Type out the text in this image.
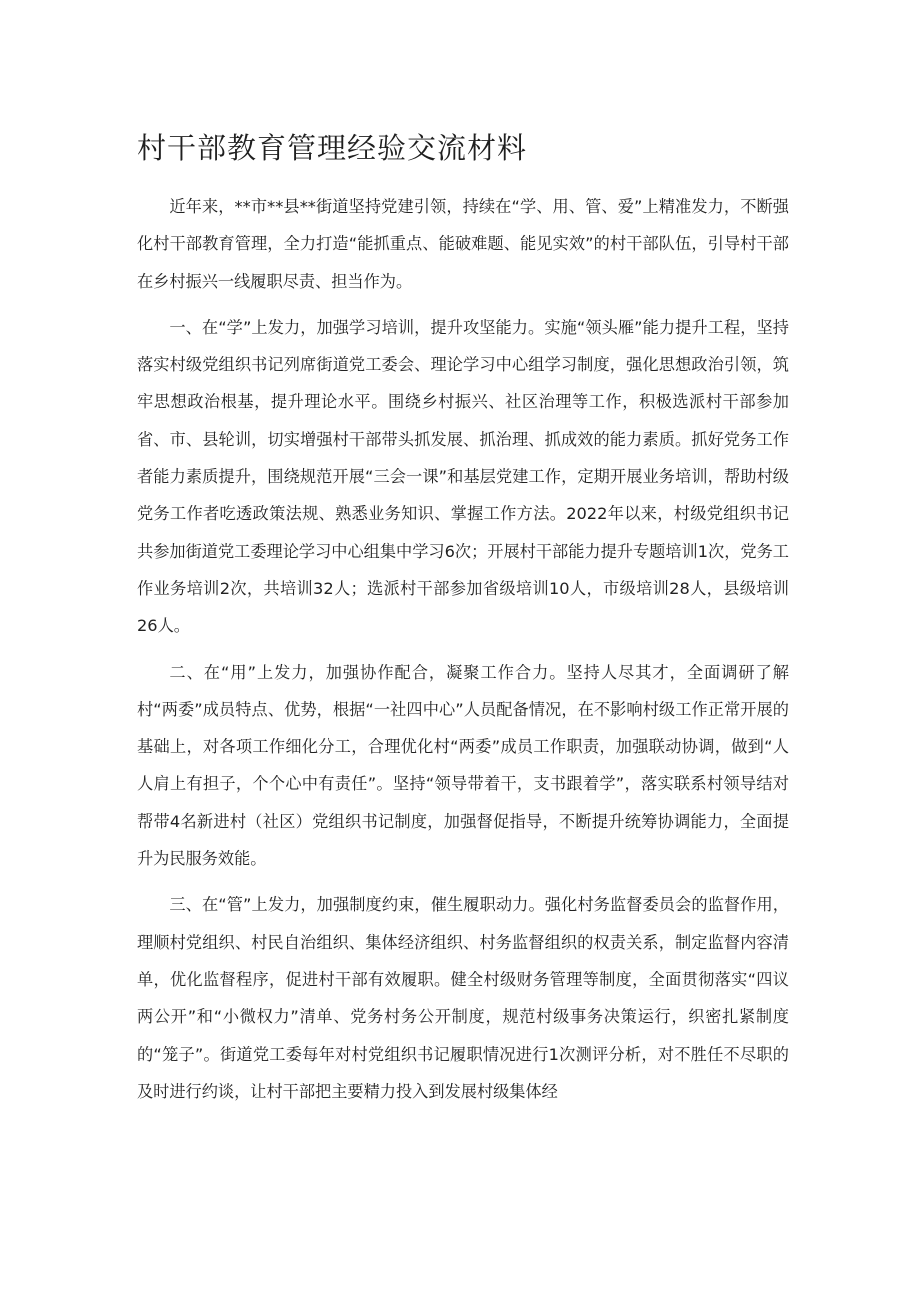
村干部教育管理经验交流材料

近年来，**市**县**街道坚持党建引领，持续在“学、用、管、爱”上精准发力，不断强化村干部教育管理，全力打造“能抓重点、能破难题、能见实效”的村干部队伍，引导村干部在乡村振兴一线履职尽责、担当作为。

一、在“学”上发力，加强学习培训，提升攻坚能力。实施“领头雁”能力提升工程，坚持落实村级党组织书记列席街道党工委会、理论学习中心组学习制度，强化思想政治引领，筑牢思想政治根基，提升理论水平。围绕乡村振兴、社区治理等工作，积极选派村干部参加省、市、县轮训，切实增强村干部带头抓发展、抓治理、抓成效的能力素质。抓好党务工作者能力素质提升，围绕规范开展“三会一课”和基层党建工作，定期开展业务培训，帮助村级党务工作者吃透政策法规、熟悉业务知识、掌握工作方法。2022年以来，村级党组织书记共参加街道党工委理论学习中心组集中学习6次；开展村干部能力提升专题培训1次，党务工作业务培训2次，共培训32人；选派村干部参加省级培训10人，市级培训28人，县级培训26人。

二、在“用”上发力，加强协作配合，凝聚工作合力。坚持人尽其才，全面调研了解村“两委”成员特点、优势，根据“一社四中心”人员配备情况，在不影响村级工作正常开展的基础上，对各项工作细化分工，合理优化村“两委”成员工作职责，加强联动协调，做到“人人肩上有担子，个个心中有责任”。坚持“领导带着干，支书跟着学”，落实联系村领导结对帮带4名新进村（社区）党组织书记制度，加强督促指导，不断提升统筹协调能力，全面提升为民服务效能。

三、在“管”上发力，加强制度约束，催生履职动力。强化村务监督委员会的监督作用，理顺村党组织、村民自治组织、集体经济组织、村务监督组织的权责关系，制定监督内容清单，优化监督程序，促进村干部有效履职。健全村级财务管理等制度，全面贯彻落实“四议两公开”和“小微权力”清单、党务村务公开制度，规范村级事务决策运行，织密扎紧制度的“笼子”。街道党工委每年对村党组织书记履职情况进行1次测评分析，对不胜任不尽职的及时进行约谈，让村干部把主要精力投入到发展村级集体经
